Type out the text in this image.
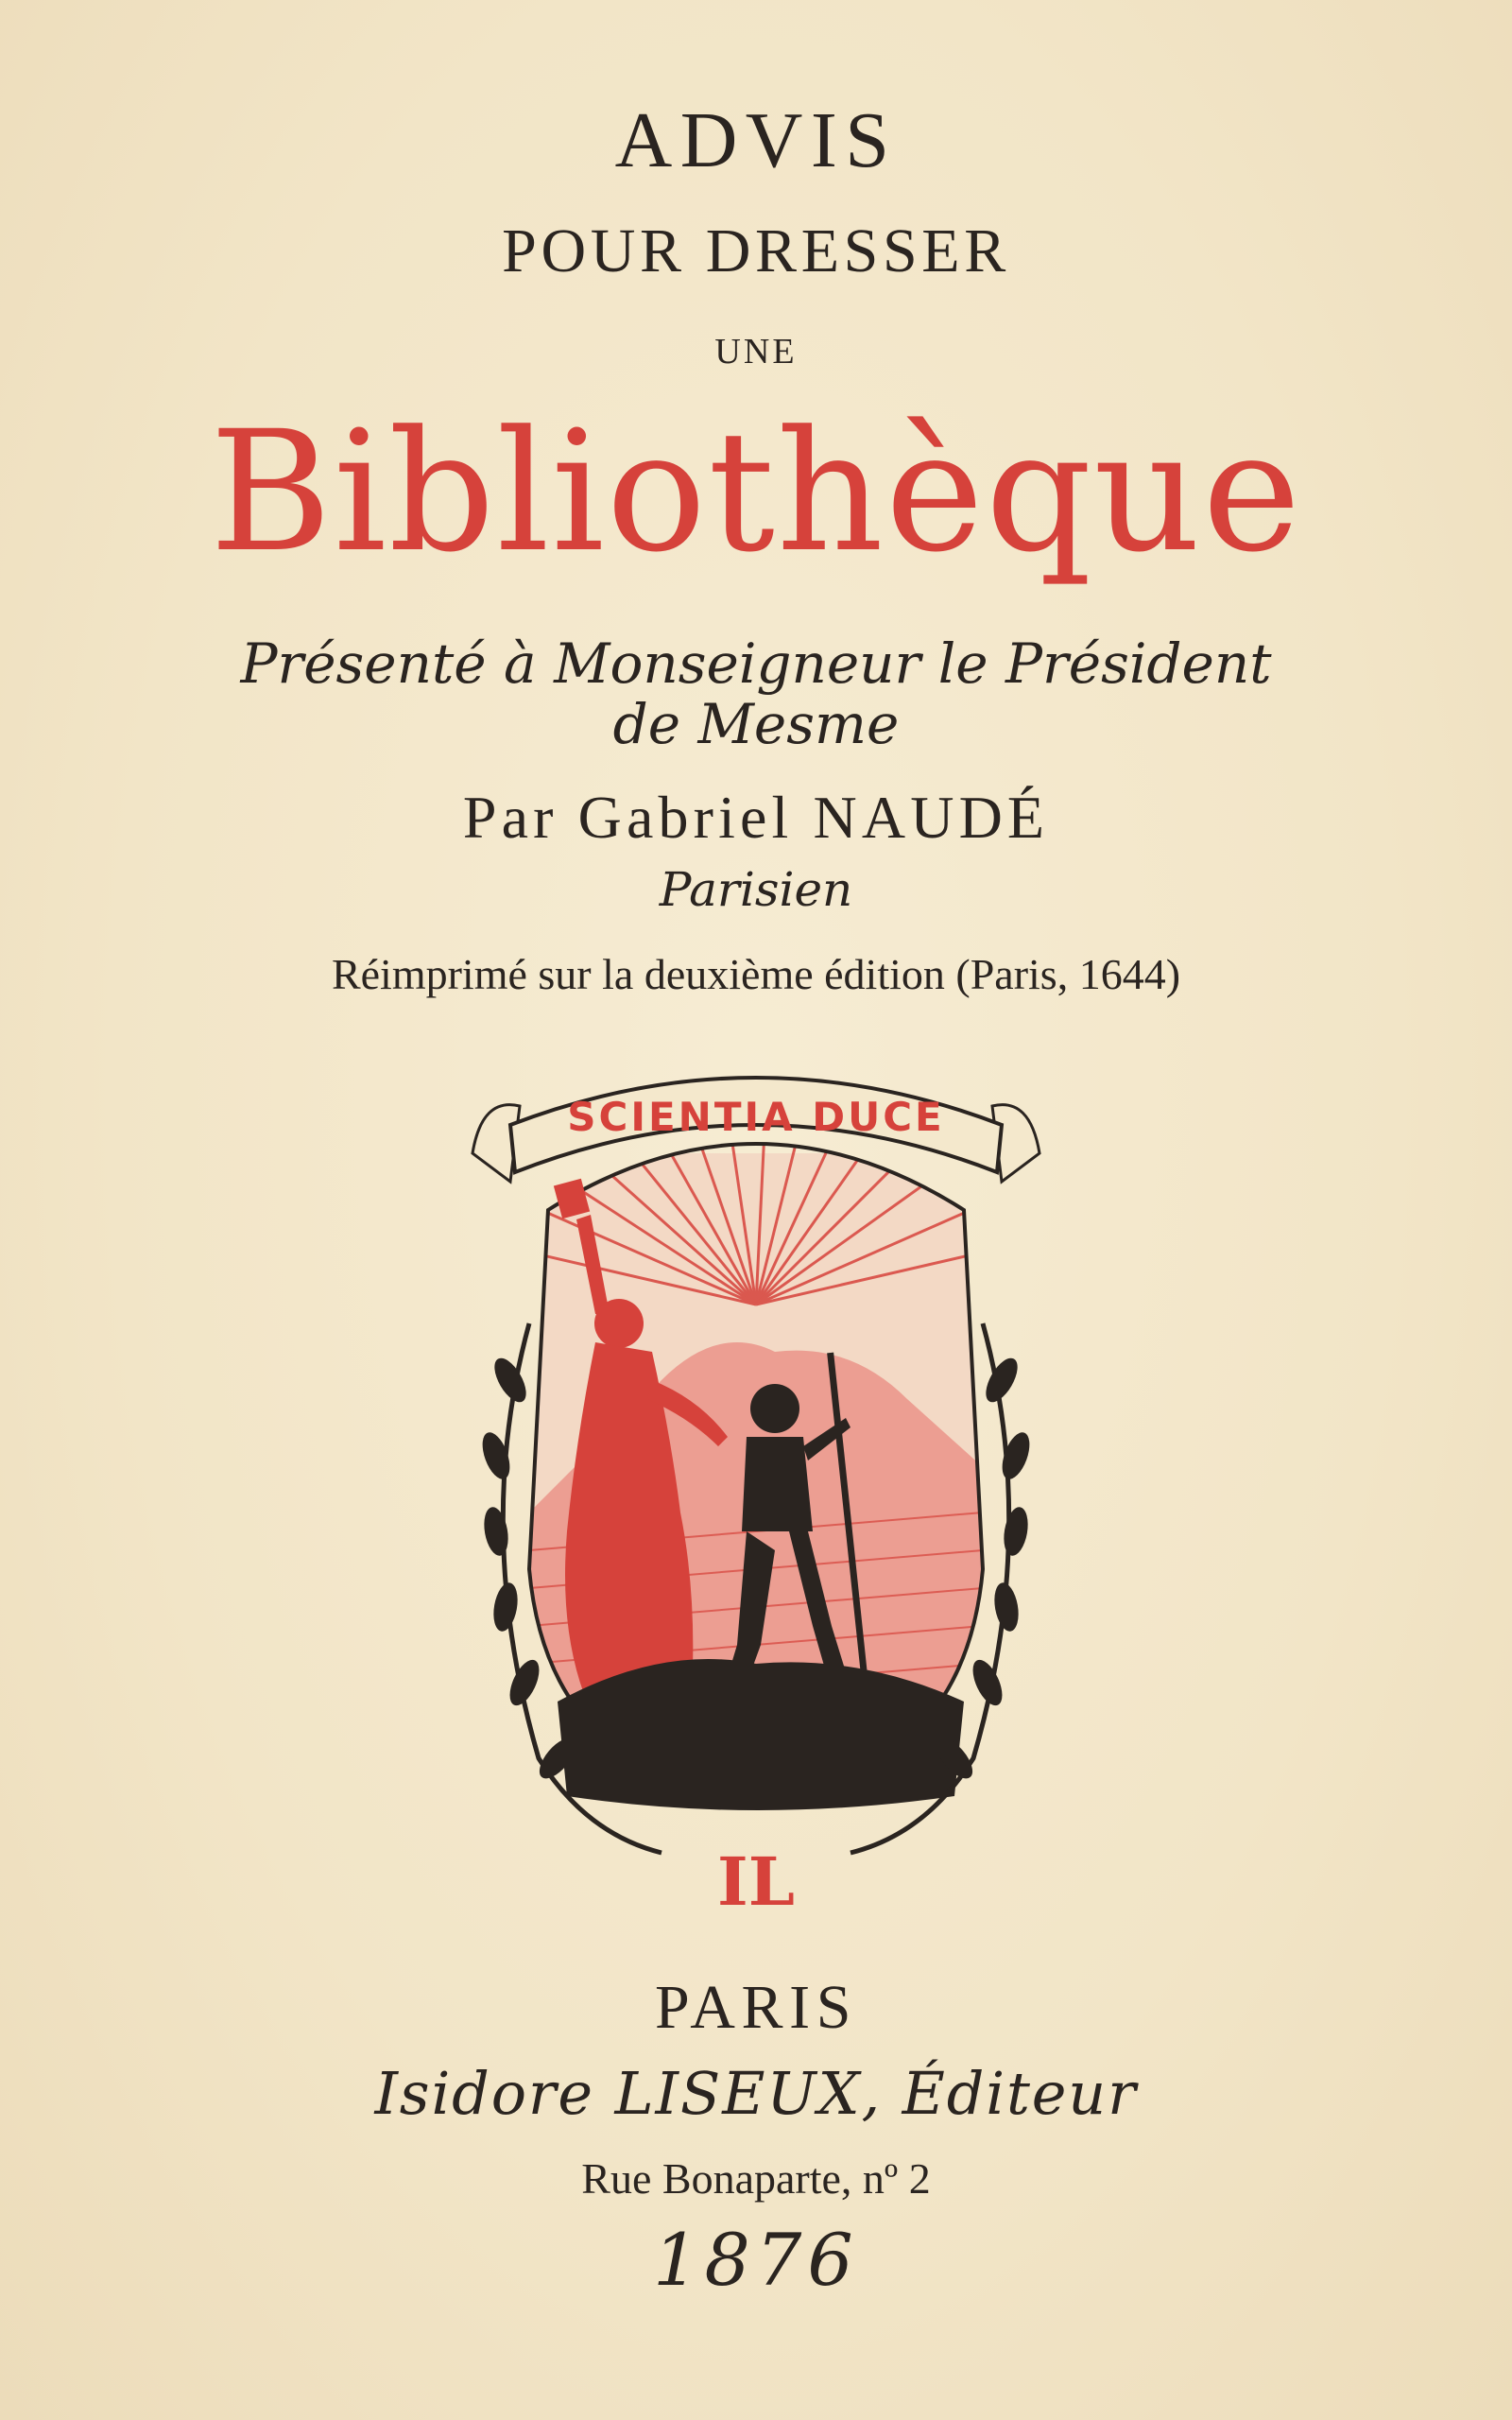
ADVIS
POUR DRESSER
UNE
Bibliothèque
Présenté à Monseigneur le Président
de Mesme
Par Gabriel NAUDÉ
Parisien
Réimprimé sur la deuxième édition (Paris, 1644)
SCIENTIA DUCE
IL
PARIS
Isidore LISEUX, Éditeur
Rue Bonaparte, nº 2
1876
